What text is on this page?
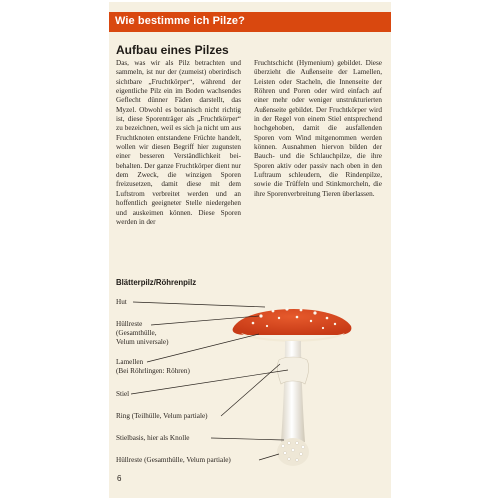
Wie bestimme ich Pilze?
Aufbau eines Pilzes

Das, was wir als Pilz betrachten und sammeln, ist nur der (zumeist) oberirdisch sichtbare „Fruchtkörper“, während der eigentliche Pilz ein im Boden wachsendes Geflecht dünner Fäden darstellt, das Myzel. Obwohl es botanisch nicht richtig ist, diese Sporenträger als „Fruchtkörper“ zu bezeichnen, weil es sich ja nicht um aus Fruchtknoten entstandene Früchte handelt, wollen wir diesen Begriff hier zugunsten einer besseren Verständlichkeit beibehalten. Der ganze Fruchtkörper dient nur dem Zweck, die winzigen Sporen freizusetzen, damit diese mit dem Luftstrom verbreitet werden und an hoffentlich geeigneter Stelle niedergehen und auskeimen können. Diese Sporen werden in der

Fruchtschicht (Hymenium) gebildet. Diese überzieht die Außenseite der Lamellen, Leisten oder Stacheln, die Innenseite der Röhren und Poren oder wird einfach auf einer mehr oder weniger unstrukturierten Außenseite gebildet. Der Fruchtkörper wird in der Regel von einem Stiel entsprechend hochgehoben, damit die ausfallenden Sporen vom Wind mitgenommen werden können. Ausnahmen hiervon bilden der Bauch- und die Schlauchpilze, die ihre Sporen aktiv oder passiv nach oben in den Luftraum schleudern, die Rindenpilze, sowie die Trüffeln und Stinkmorcheln, die ihre Sporenverbreitung Tieren überlassen.

Blätterpilz/Röhrenpilz
Hut
Hüllreste
(Gesamthülle,
Velum universale)
Lamellen
(Bei Röhrlingen: Röhren)
Stiel
Ring (Teilhülle, Velum partiale)
Stielbasis, hier als Knolle
Hüllreste (Gesamthülle, Velum partiale)
6
